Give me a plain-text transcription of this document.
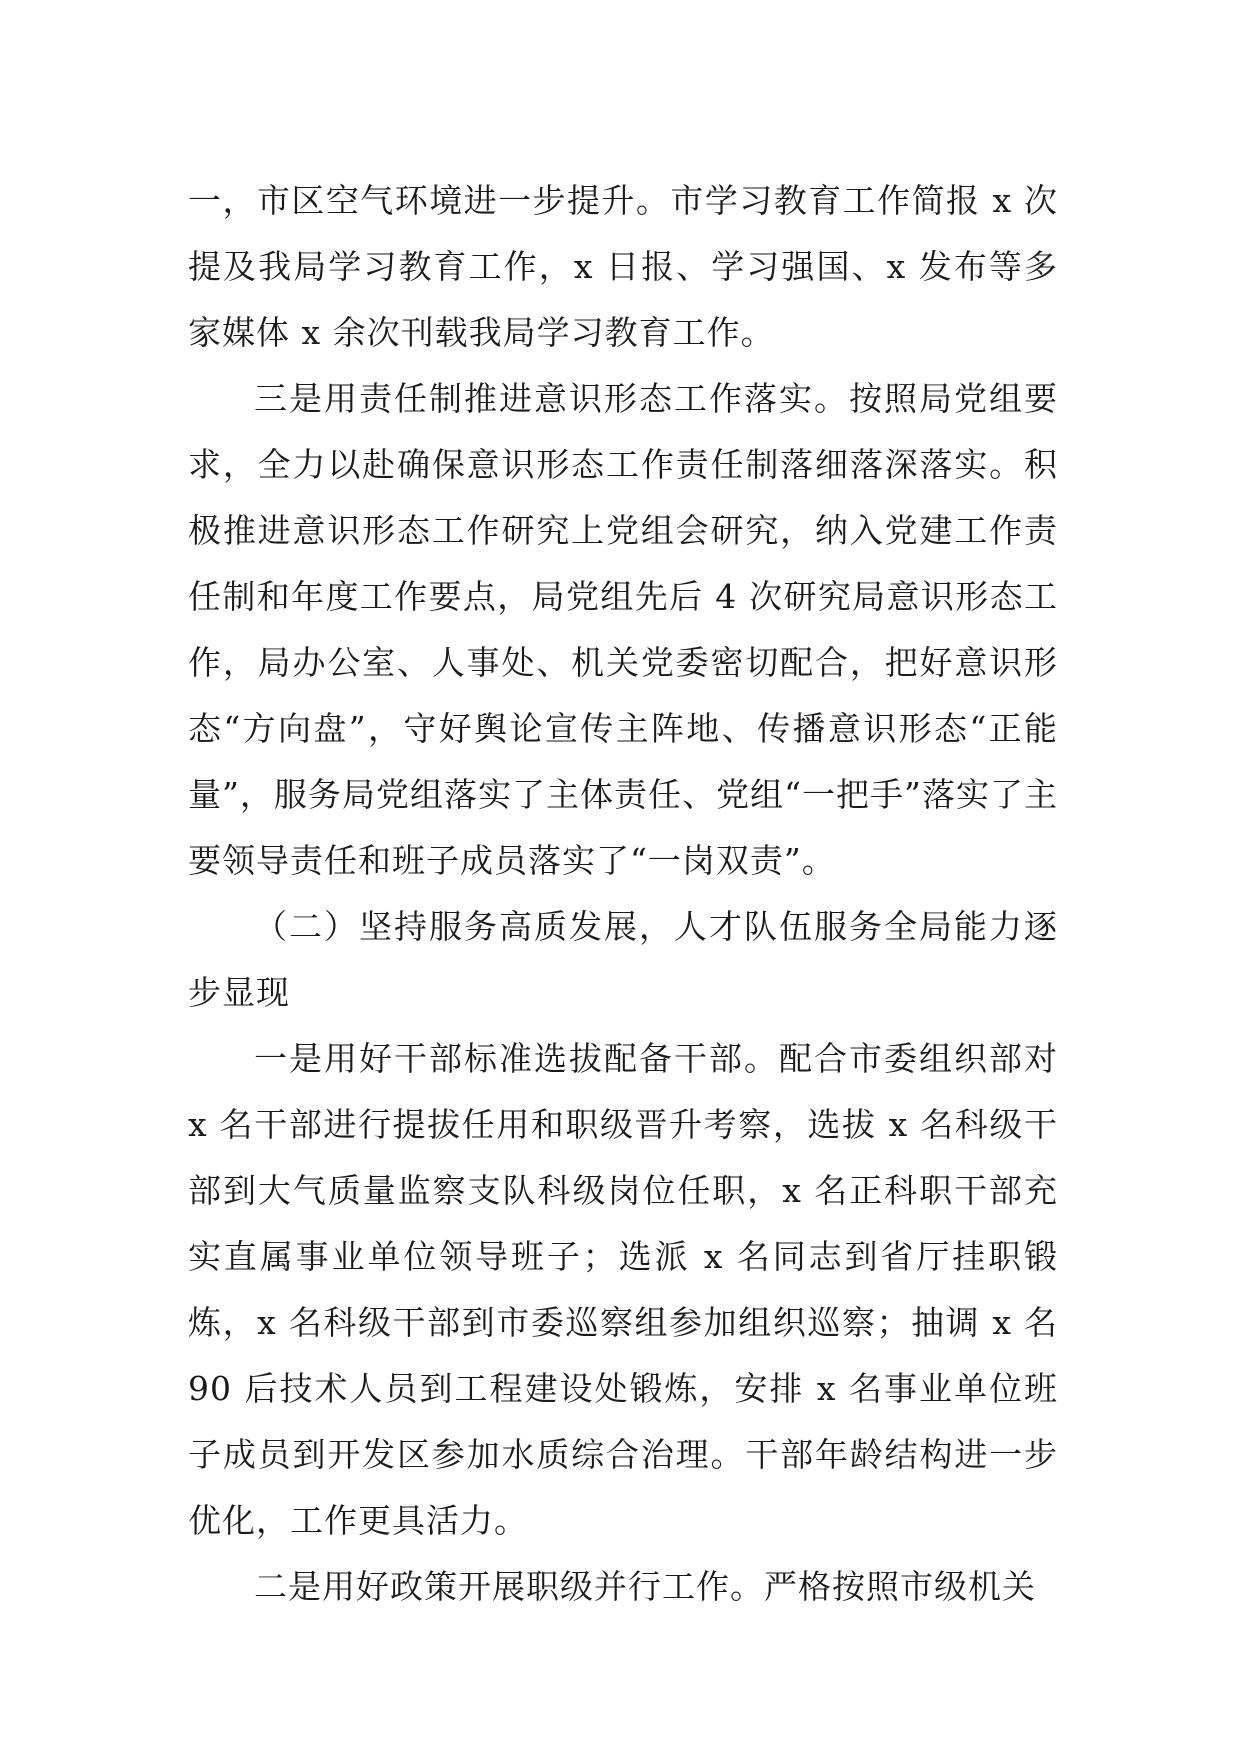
一，市区空气环境进一步提升。市学习教育工作简报 x 次提及我局学习教育工作，x 日报、学习强国、x 发布等多家媒体 x 余次刊载我局学习教育工作。

三是用责任制推进意识形态工作落实。按照局党组要求，全力以赴确保意识形态工作责任制落细落深落实。积极推进意识形态工作研究上党组会研究，纳入党建工作责任制和年度工作要点，局党组先后 4 次研究局意识形态工作，局办公室、人事处、机关党委密切配合，把好意识形态“方向盘”，守好舆论宣传主阵地、传播意识形态“正能量”，服务局党组落实了主体责任、党组“一把手”落实了主要领导责任和班子成员落实了“一岗双责”。

（二）坚持服务高质发展，人才队伍服务全局能力逐步显现

一是用好干部标准选拔配备干部。配合市委组织部对 x 名干部进行提拔任用和职级晋升考察，选拔 x 名科级干部到大气质量监察支队科级岗位任职，x 名正科职干部充实直属事业单位领导班子；选派 x 名同志到省厅挂职锻炼，x 名科级干部到市委巡察组参加组织巡察；抽调 x 名 90 后技术人员到工程建设处锻炼，安排 x 名事业单位班子成员到开发区参加水质综合治理。干部年龄结构进一步优化，工作更具活力。

二是用好政策开展职级并行工作。严格按照市级机关
